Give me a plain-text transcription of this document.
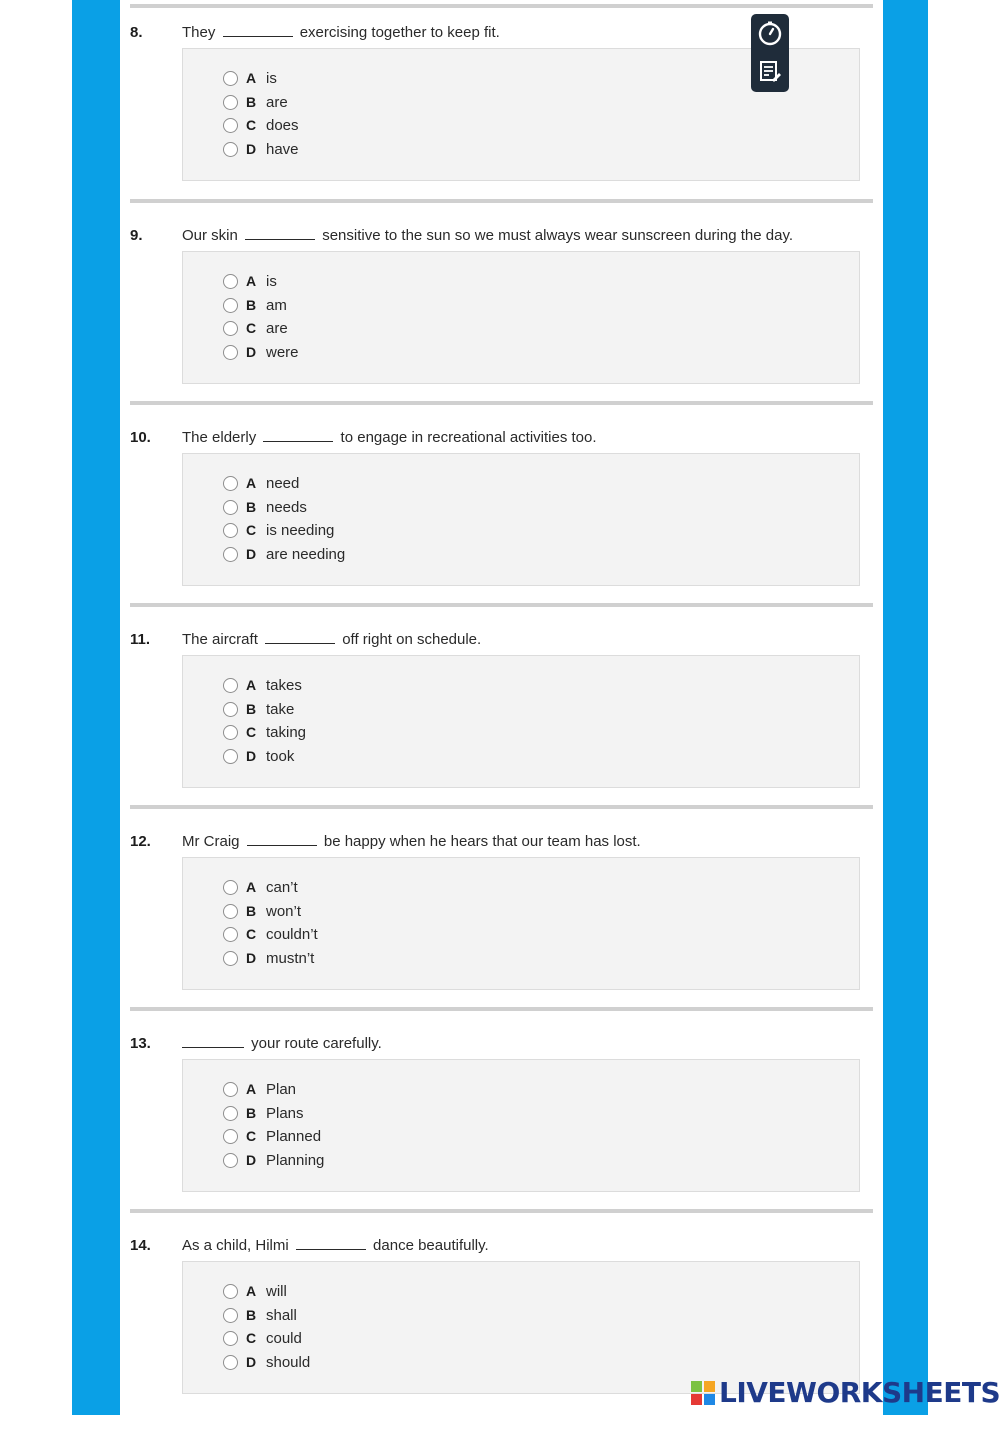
8.	They	exercising together to keep fit.
A is
B are
C does
D have
9.	Our skin	sensitive to the sun so we must always wear sunscreen during the day.
A is
B am
C are
D were
10. The elderly	to engage in recreational activities too.
A need
B needs
C is needing
D are needing
11. The aircraft	off right on schedule.
A takes
B take
C taking
D took
12. Mr Craig	be happy when he hears that our team has lost.
A can’t
B won’t
C couldn’t
D mustn’t
13.	your route carefully.
A Plan
B Plans
C Planned
D Planning
14. As a child, Hilmi	dance beautifully.
A will
B shall
C could
D should
LIVEWORKSHEETS
